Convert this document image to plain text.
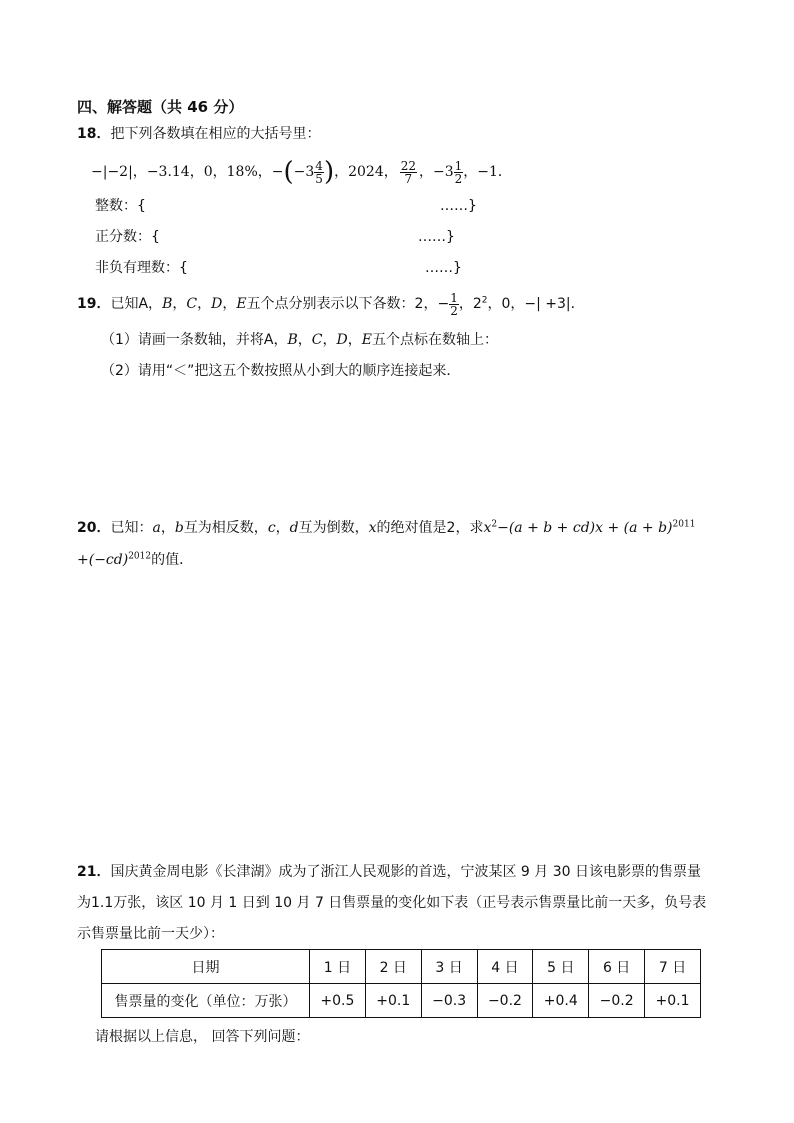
四、解答题（共 46 分）
18．把下列各数填在相应的大括号里：
−|−2|，−3.14，0，18%，$-(-3 \frac{4}{5}$ )，2024， $\frac{22}{7}$ ，$-3 \frac{1}{2}$ ，−1．
整数：{	……}
正分数：{	……}
非负有理数：{	……}
19．已知A，B，C，D，E五个点分别表示以下各数：2，− $\frac{1}{2}$ ，$2^2$，0，−| +3|．
（1）请画一条数轴，并将A，B，C，D，E五个点标在数轴上：
（2）请用“＜”把这五个数按照从小到大的顺序连接起来．
20．已知：a，b互为相反数，c，d互为倒数，x的绝对值是2，求$x^2-(a + b + cd)x + (a + b)^{2011}$
$+(-cd)^{2012}$的值．
21．国庆黄金周电影《长津湖》成为了浙江人民观影的首选，宁波某区 9 月 30 日该电影票的售票量
为1.1万张，该区 10 月 1 日到 10 月 7 日售票量的变化如下表（正号表示售票量比前一天多，负号表
示售票量比前一天少）：
日期	1 日	2 日	3 日	4 日	5 日	6 日	7 日
售票量的变化（单位：万张）	+0.5	+0.1	−0.3	−0.2	+0.4	−0.2	+0.1
请根据以上信息， 回答下列问题：
